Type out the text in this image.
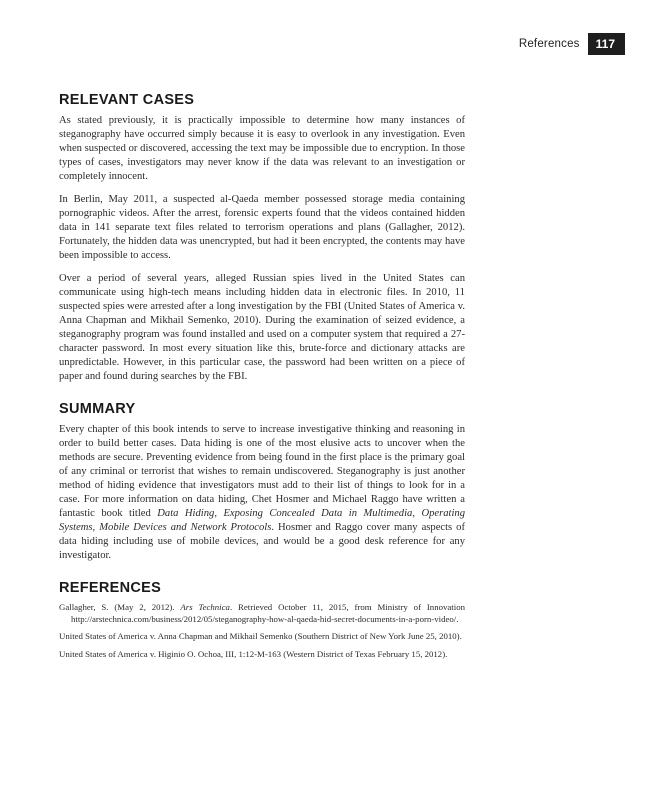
References	117
RELEVANT CASES

As stated previously, it is practically impossible to determine how many instances of steganography have occurred simply because it is easy to overlook in any investigation. Even when suspected or discovered, accessing the text may be impossible due to encryption. In those types of cases, investigators may never know if the data was relevant to an investigation or completely innocent.

In Berlin, May 2011, a suspected al-Qaeda member possessed storage media containing pornographic videos. After the arrest, forensic experts found that the videos contained hidden data in 141 separate text files related to terrorism operations and plans (Gallagher, 2012). Fortunately, the hidden data was unencrypted, but had it been encrypted, the contents may have been impossible to access.

Over a period of several years, alleged Russian spies lived in the United States can communicate using high-tech means including hidden data in electronic files. In 2010, 11 suspected spies were arrested after a long investigation by the FBI (United States of America v. Anna Chapman and Mikhail Semenko, 2010). During the examination of seized evidence, a steganography program was found installed and used on a computer system that required a 27-character password. In most every situation like this, brute-force and dictionary attacks are unpredictable. However, in this particular case, the password had been written on a piece of paper and found during searches by the FBI.

SUMMARY

Every chapter of this book intends to serve to increase investigative thinking and reasoning in order to build better cases. Data hiding is one of the most elusive acts to uncover when the methods are secure. Preventing evidence from being found in the first place is the primary goal of any criminal or terrorist that wishes to remain undiscovered. Steganography is just another method of hiding evidence that investigators must add to their list of things to look for in a case. For more information on data hiding, Chet Hosmer and Michael Raggo have written a fantastic book titled Data Hiding, Exposing Concealed Data in Multimedia, Operating Systems, Mobile Devices and Network Protocols. Hosmer and Raggo cover many aspects of data hiding including use of mobile devices, and would be a good desk reference for any investigator.

REFERENCES

Gallagher, S. (May 2, 2012). Ars Technica. Retrieved October 11, 2015, from Ministry of Innovation http://arstechnica.com/business/2012/05/steganography-how-al-qaeda-hid-secret-documents-in-a-porn-video/.

United States of America v. Anna Chapman and Mikhail Semenko (Southern District of New York June 25, 2010).

United States of America v. Higinio O. Ochoa, III, 1:12-M-163 (Western District of Texas February 15, 2012).
